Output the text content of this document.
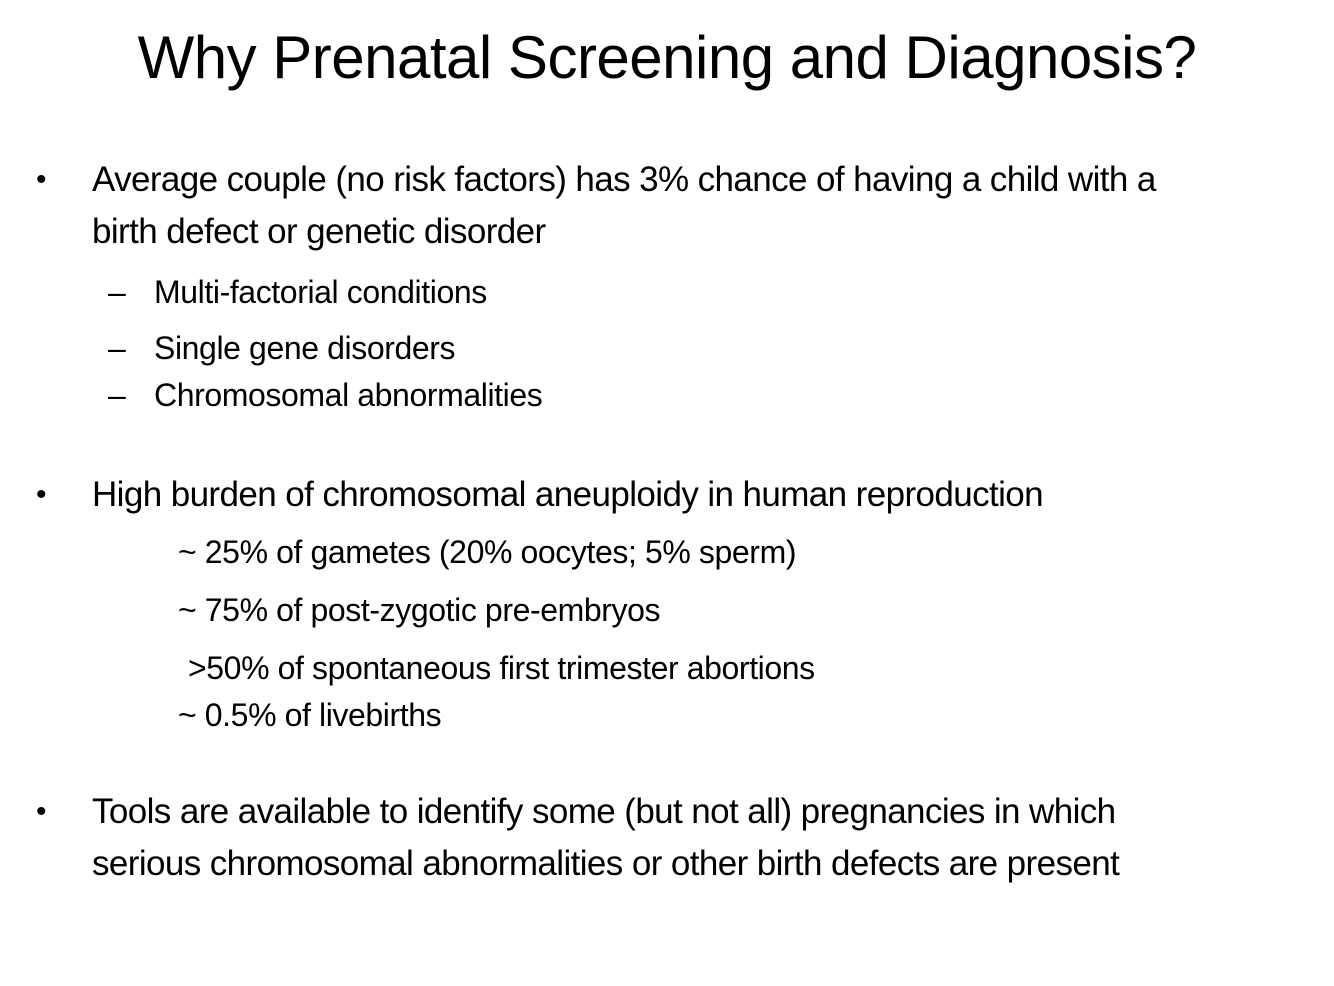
Why Prenatal Screening and Diagnosis?
• Average couple (no risk factors) has 3% chance of having a child with a
birth defect or genetic disorder
– Multi-factorial conditions
– Single gene disorders
– Chromosomal abnormalities
• High burden of chromosomal aneuploidy in human reproduction
~ 25% of gametes (20% oocytes; 5% sperm)
~ 75% of post-zygotic pre-embryos
>50% of spontaneous first trimester abortions
~ 0.5% of livebirths
• Tools are available to identify some (but not all) pregnancies in which
serious chromosomal abnormalities or other birth defects are present
